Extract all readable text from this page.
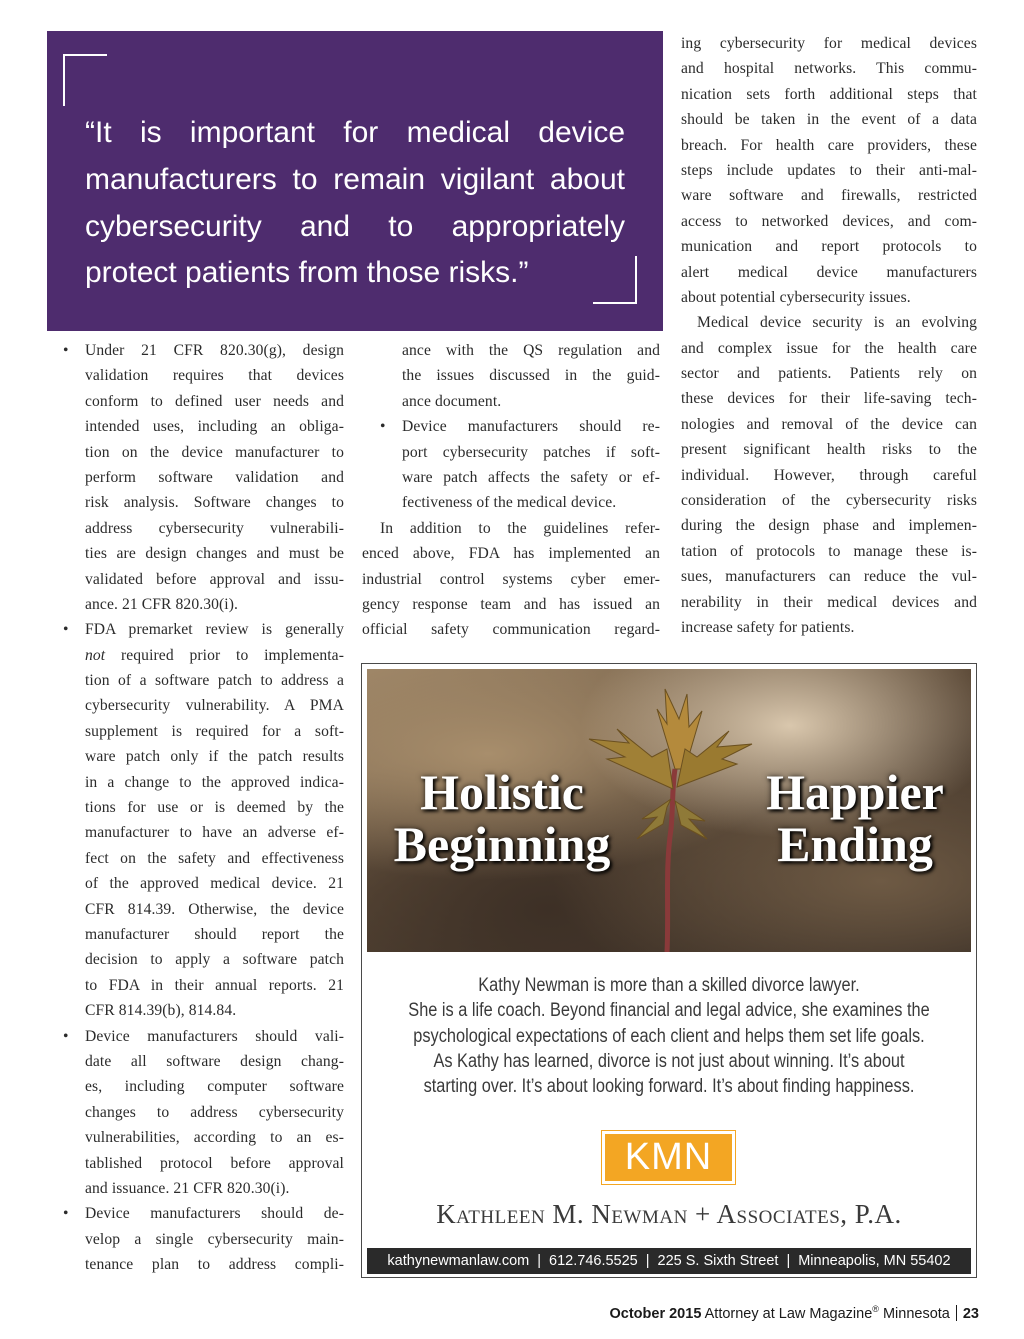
“It is important for medical device

manufacturers to remain vigilant about

cybersecurity and to appropriately

protect patients from those risks.”

•	Under 21 CFR 820.30(g), design
validation requires that devices
conform to defined user needs and
intended uses, including an obliga-
tion on the device manufacturer to
perform software validation and
risk analysis. Software changes to
address cybersecurity vulnerabili-
ties are design changes and must be
validated before approval and issu-
ance. 21 CFR 820.30(i).
•	FDA premarket review is generally
not required prior to implementa-
tion of a software patch to address a
cybersecurity vulnerability. A PMA
supplement is required for a soft-
ware patch only if the patch results
in a change to the approved indica-
tions for use or is deemed by the
manufacturer to have an adverse ef-
fect on the safety and effectiveness
of the approved medical device. 21
CFR 814.39. Otherwise, the device
manufacturer should report the
decision to apply a software patch
to FDA in their annual reports. 21
CFR 814.39(b), 814.84.
•	Device manufacturers should vali-
date all software design chang-
es, including computer software
changes to address cybersecurity
vulnerabilities, according to an es-
tablished protocol before approval
and issuance. 21 CFR 820.30(i).
•	Device manufacturers should de-
velop a single cybersecurity main-
tenance plan to address compli-
ance with the QS regulation and
the issues discussed in the guid-
ance document.
•	Device manufacturers should re-
port cybersecurity patches if soft-
ware patch affects the safety or ef-
fectiveness of the medical device.
In addition to the guidelines refer-
enced above, FDA has implemented an
industrial control systems cyber emer-
gency response team and has issued an
official safety communication regard-
ing cybersecurity for medical devices
and hospital networks. This commu-
nication sets forth additional steps that
should be taken in the event of a data
breach. For health care providers, these
steps include updates to their anti-mal-
ware software and firewalls, restricted
access to networked devices, and com-
munication and report protocols to
alert medical device manufacturers
about potential cybersecurity issues.
Medical device security is an evolving
and complex issue for the health care
sector and patients. Patients rely on
these devices for their life-saving tech-
nologies and removal of the device can
present significant health risks to the
individual. However, through careful
consideration of the cybersecurity risks
during the design phase and implemen-
tation of protocols to manage these is-
sues, manufacturers can reduce the vul-
nerability in their medical devices and
increase safety for patients.
Holistic
Beginning
Happier
Ending
Kathy Newman is more than a skilled divorce lawyer.
She is a life coach. Beyond financial and legal advice, she examines the
psychological expectations of each client and helps them set life goals.
As Kathy has learned, divorce is not just about winning. It’s about
starting over. It’s about looking forward. It’s about finding happiness.
KMN
Kathleen M. Newman + Associates, P.A.
kathynewmanlaw.com | 612.746.5525 | 225 S. Sixth Street | Minneapolis, MN 55402
October 2015 Attorney at Law Magazine® Minnesota 23
